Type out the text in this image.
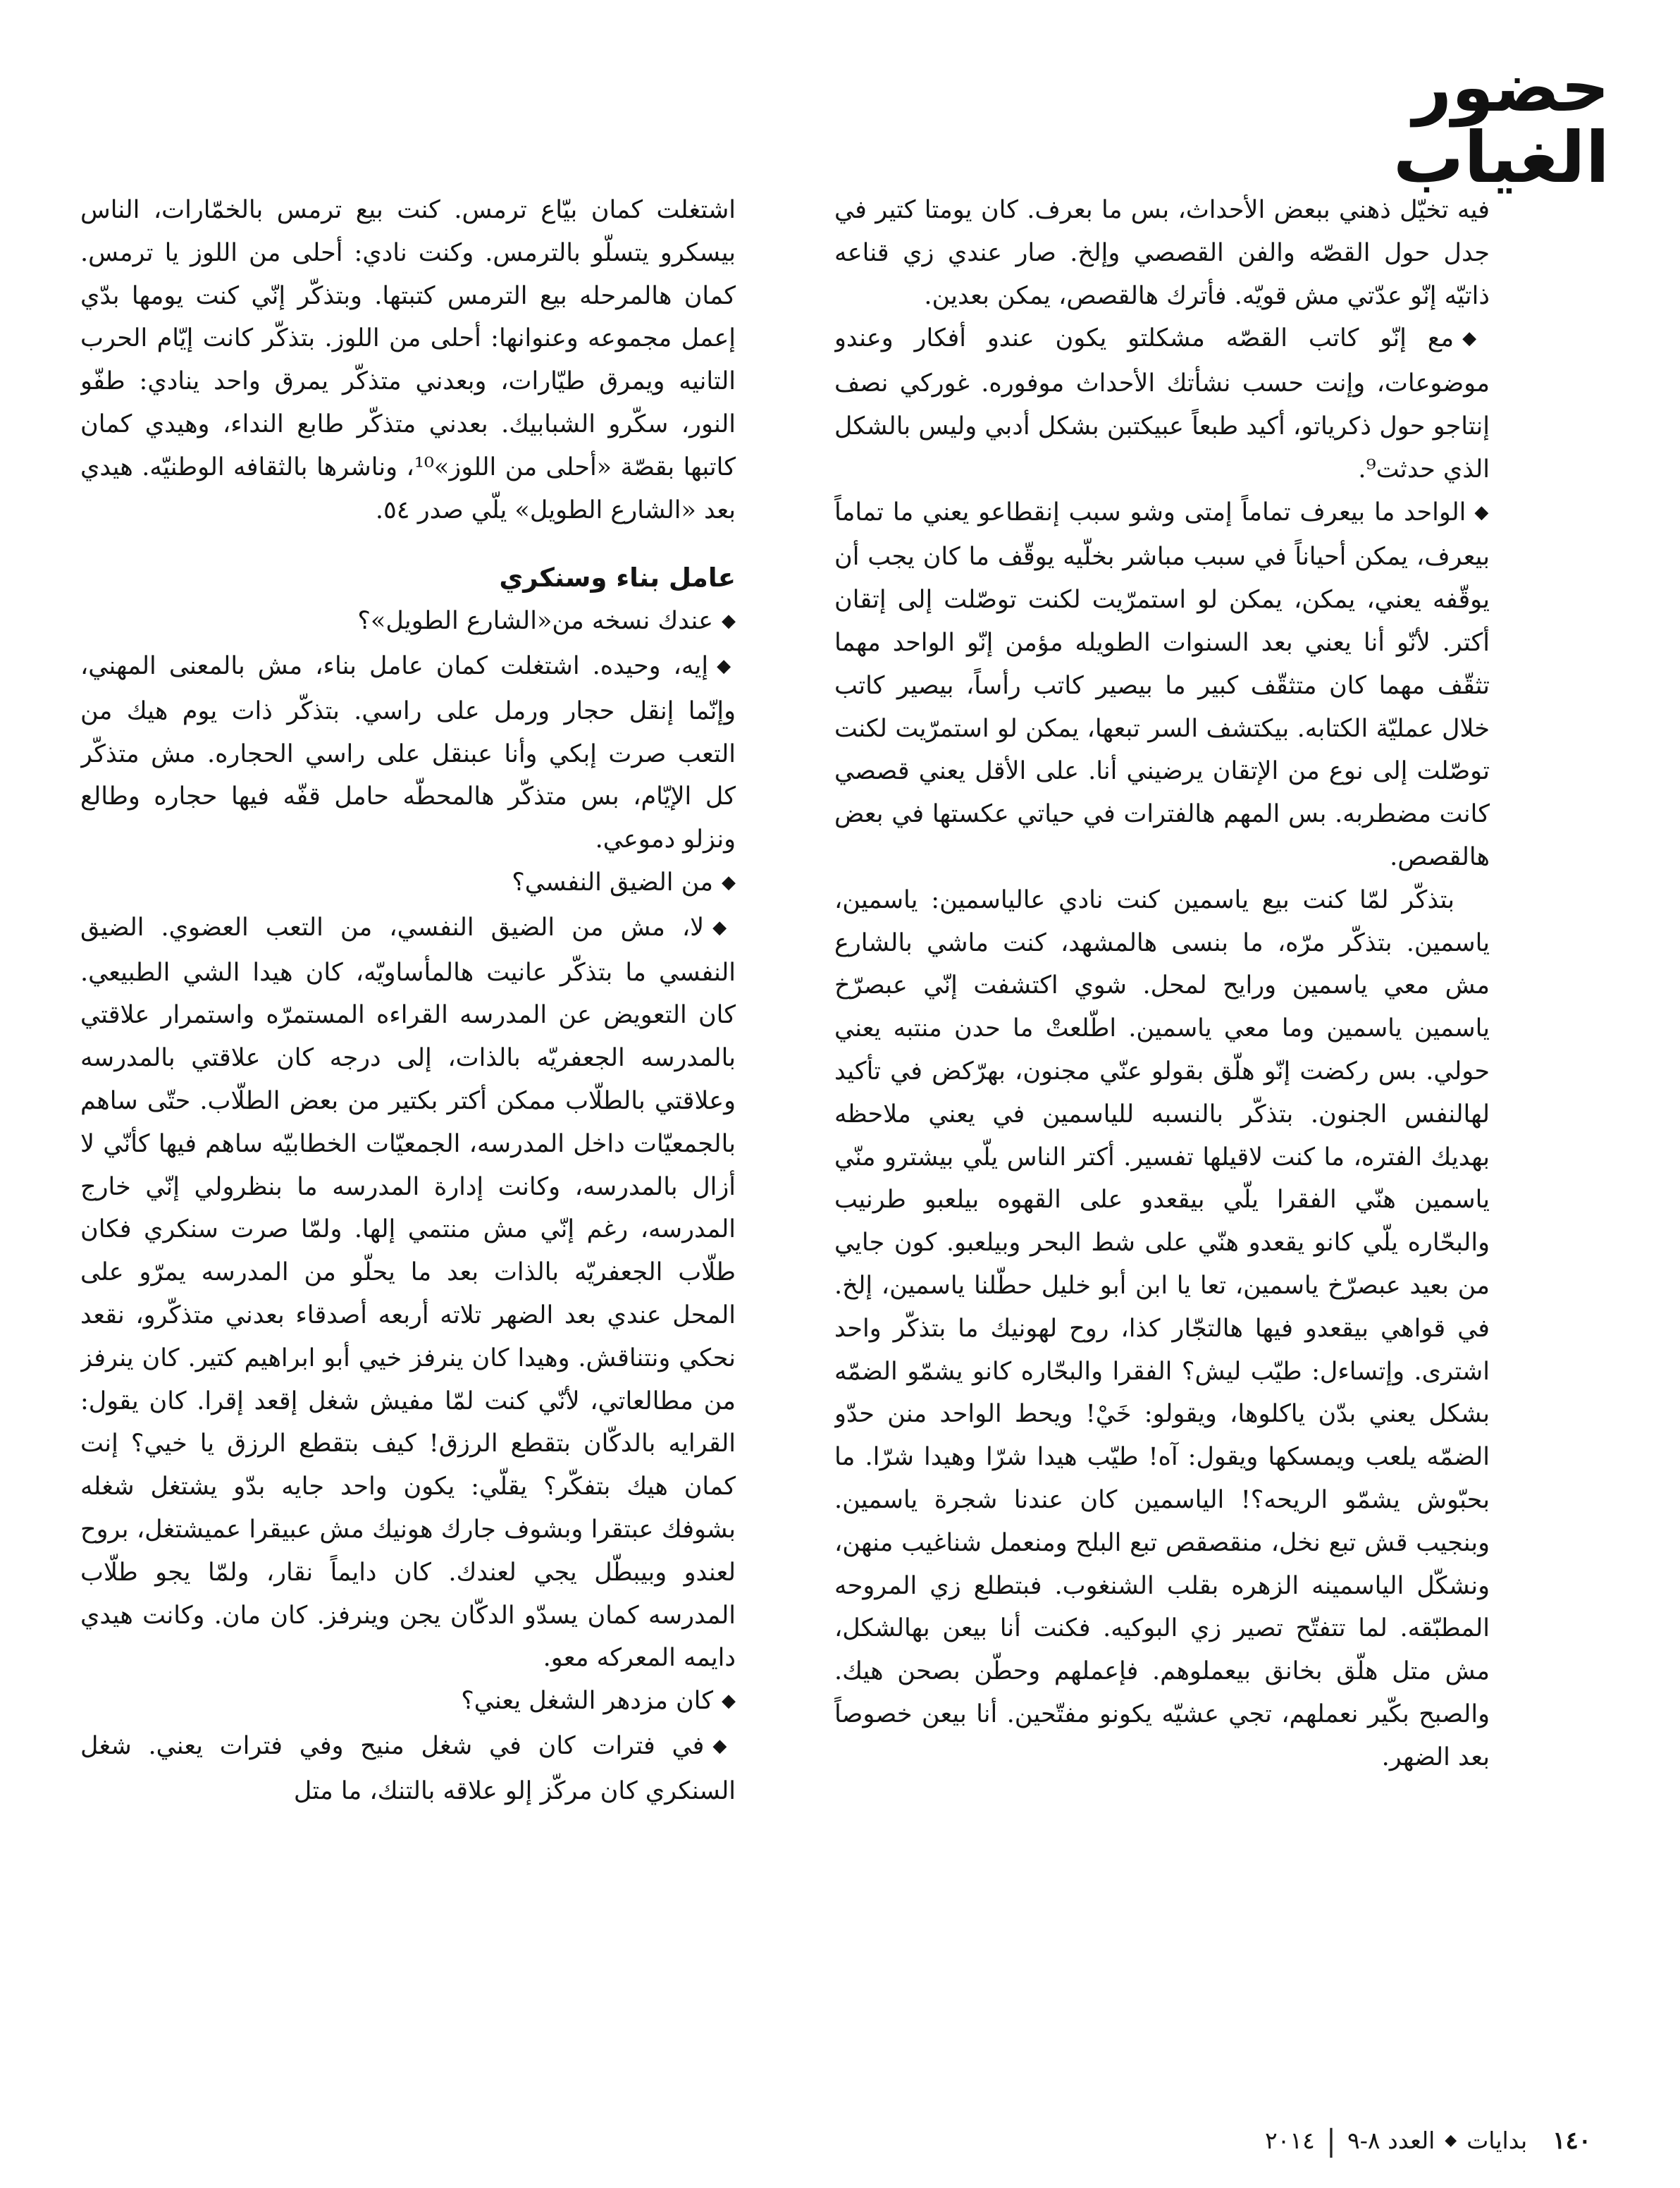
حضور
الغياب

فيه تخيّل ذهني ببعض الأحداث، بس ما بعرف. كان يومتا كتير في جدل حول القصّه والفن القصصي وإلخ. صار عندي زي قناعه ذاتيّه إنّو عدّتي مش قويّه. فأترك هالقصص، يمكن بعدين.

◆ مع إنّو كاتب القصّه مشكلتو يكون عندو أفكار وعندو موضوعات، وإنت حسب نشأتك الأحداث موفوره. غوركي نصف إنتاجو حول ذكرياتو، أكيد طبعاً عبيكتبن بشكل أدبي وليس بالشكل الذي حدثت⁹.

◆ الواحد ما بيعرف تماماً إمتى وشو سبب إنقطاعو يعني ما تماماً بيعرف، يمكن أحياناً في سبب مباشر بخلّيه يوقّف ما كان يجب أن يوقّفه يعني، يمكن، يمكن لو استمرّيت لكنت توصّلت إلى إتقان أكتر. لأنّو أنا يعني بعد السنوات الطويله مؤمن إنّو الواحد مهما تثقّف مهما كان متثقّف كبير ما بيصير كاتب رأساً، بيصير كاتب خلال عمليّة الكتابه. بيكتشف السر تبعها، يمكن لو استمرّيت لكنت توصّلت إلى نوع من الإتقان يرضيني أنا. على الأقل يعني قصصي كانت مضطربه. بس المهم هالفترات في حياتي عكستها في بعض هالقصص.

بتذكّر لمّا كنت بيع ياسمين كنت نادي عالياسمين: ياسمين، ياسمين. بتذكّر مرّه، ما بنسى هالمشهد، كنت ماشي بالشارع مش معي ياسمين ورايح لمحل. شوي اكتشفت إنّي عبصرّخ ياسمين ياسمين وما معي ياسمين. اطّلعتْ ما حدن منتبه يعني حولي. بس ركضت إنّو هلّق بقولو عنّي مجنون، بهرّكض في تأكيد لهالنفس الجنون. بتذكّر بالنسبه للياسمين في يعني ملاحظه بهديك الفتره، ما كنت لاقيلها تفسير. أكتر الناس يلّي بيشترو منّي ياسمين هنّي الفقرا يلّي بيقعدو على القهوه بيلعبو طرنيب والبحّاره يلّي كانو يقعدو هنّي على شط البحر وبيلعبو. كون جايي من بعيد عبصرّخ ياسمين، تعا يا ابن أبو خليل حطّلنا ياسمين، إلخ. في قواهي بيقعدو فيها هالتجّار كذا، روح لهونيك ما بتذكّر واحد اشترى. وإتساءل: طيّب ليش؟ الفقرا والبحّاره كانو يشمّو الضمّه بشكل يعني بدّن ياكلوها، ويقولو: خَيْ! ويحط الواحد منن حدّو الضمّه يلعب ويمسكها ويقول: آه! طيّب هيدا شرّا وهيدا شرّا. ما بحبّوش يشمّو الريحه؟! الياسمين كان عندنا شجرة ياسمين. وبنجيب قش تبع نخل، منقصقص تبع البلح ومنعمل شناغيب منهن، ونشكّل الياسمينه الزهره بقلب الشنغوب. فبتطلع زي المروحه المطبّقه. لما تتفتّح تصير زي البوكيه. فكنت أنا بيعن بهالشكل، مش متل هلّق بخانق بيعملوهم. فإعملهم وحطّن بصحن هيك. والصبح بكّير نعملهم، تجي عشيّه يكونو مفتّحين. أنا بيعن خصوصاً بعد الضهر.

اشتغلت كمان بيّاع ترمس. كنت بيع ترمس بالخمّارات، الناس بيسكرو يتسلّو بالترمس. وكنت نادي: أحلى من اللوز يا ترمس. كمان هالمرحله بيع الترمس كتبتها. وبتذكّر إنّي كنت يومها بدّي إعمل مجموعه وعنوانها: أحلى من اللوز. بتذكّر كانت إيّام الحرب التانيه ويمرق طيّارات، وبعدني متذكّر يمرق واحد ينادي: طفّو النور، سكّرو الشبابيك. بعدني متذكّر طابع النداء، وهيدي كمان كاتبها بقصّة «أحلى من اللوز»¹⁰، وناشرها بالثقافه الوطنيّه. هيدي بعد «الشارع الطويل» يلّي صدر ٥٤.

عامل بناء وسنكري

◆ عندك نسخه من«الشارع الطويل»؟

◆ إيه، وحيده. اشتغلت كمان عامل بناء، مش بالمعنى المهني، وإنّما إنقل حجار ورمل على راسي. بتذكّر ذات يوم هيك من التعب صرت إبكي وأنا عبنقل على راسي الحجاره. مش متذكّر كل الإيّام، بس متذكّر هالمحطّه حامل قفّه فيها حجاره وطالع ونزلو دموعي.

◆ من الضيق النفسي؟

◆ لا، مش من الضيق النفسي، من التعب العضوي. الضيق النفسي ما بتذكّر عانيت هالمأساويّه، كان هيدا الشي الطبيعي. كان التعويض عن المدرسه القراءه المستمرّه واستمرار علاقتي بالمدرسه الجعفريّه بالذات، إلى درجه كان علاقتي بالمدرسه وعلاقتي بالطلّاب ممكن أكتر بكتير من بعض الطلّاب. حتّى ساهم بالجمعيّات داخل المدرسه، الجمعيّات الخطابيّه ساهم فيها كأنّي لا أزال بالمدرسه، وكانت إدارة المدرسه ما بنظرولي إنّي خارج المدرسه، رغم إنّي مش منتمي إلها. ولمّا صرت سنكري فكان طلّاب الجعفريّه بالذات بعد ما يحلّو من المدرسه يمرّو على المحل عندي بعد الضهر تلاته أربعه أصدقاء بعدني متذكّرو، نقعد نحكي ونتناقش. وهيدا كان ينرفز خيي أبو ابراهيم كتير. كان ينرفز من مطالعاتي، لأنّي كنت لمّا مفيش شغل إقعد إقرا. كان يقول: القرايه بالدكّان بتقطع الرزق! كيف بتقطع الرزق يا خيي؟ إنت كمان هيك بتفكّر؟ يقلّي: يكون واحد جايه بدّو يشتغل شغله بشوفك عبتقرا وبشوف جارك هونيك مش عبيقرا عميشتغل، بروح لعندو وبيبطّل يجي لعندك. كان دايماً نقار، ولمّا يجو طلّاب المدرسه كمان يسدّو الدكّان يجن وينرفز. كان مان. وكانت هيدي دايمه المعركه معو.

◆ كان مزدهر الشغل يعني؟

◆ في فترات كان في شغل منيح وفي فترات يعني. شغل السنكري كان مركّز إلو علاقه بالتنك، ما متل

١٤٠
بدايات
◆
العدد ٨-٩
|
٢٠١٤
